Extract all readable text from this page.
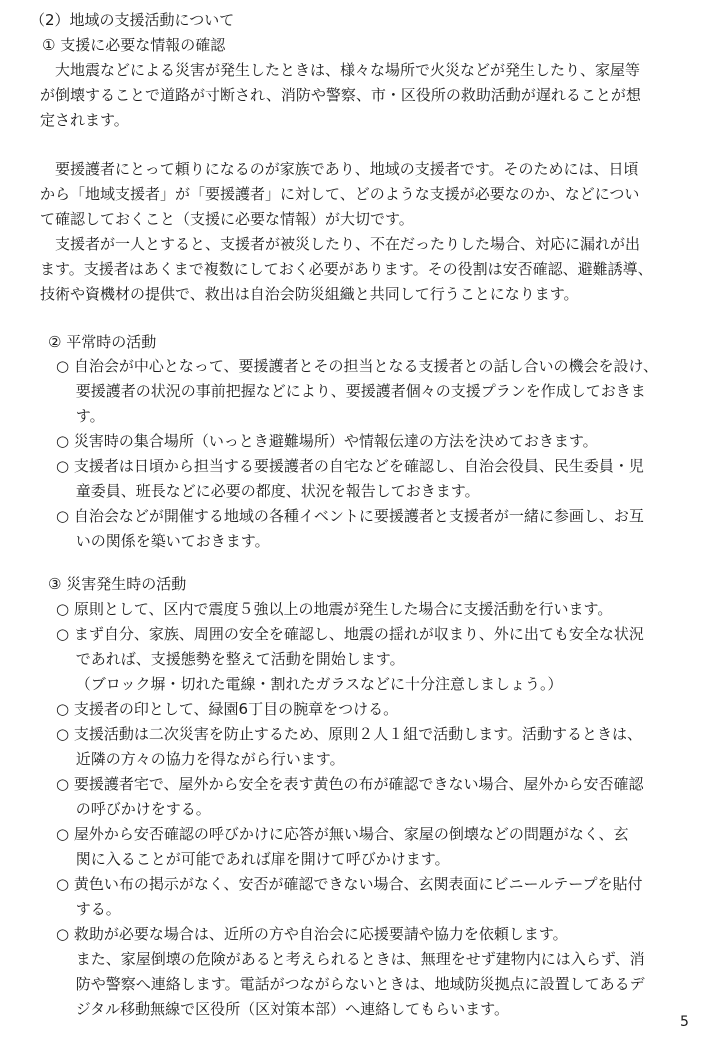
（2）地域の支援活動について
① 支援に必要な情報の確認
　大地震などによる災害が発生したときは、様々な場所で火災などが発生したり、家屋等
が倒壊することで道路が寸断され、消防や警察、市・区役所の救助活動が遅れることが想
定されます。
　要援護者にとって頼りになるのが家族であり、地域の支援者です。そのためには、日頃
から「地域支援者」が「要援護者」に対して、どのような支援が必要なのか、などについ
て確認しておくこと（支援に必要な情報）が大切です。
　支援者が一人とすると、支援者が被災したり、不在だったりした場合、対応に漏れが出
ます。支援者はあくまで複数にしておく必要があります。その役割は安否確認、避難誘導、
技術や資機材の提供で、救出は自治会防災組織と共同して行うことになります。
② 平常時の活動
○ 自治会が中心となって、要援護者とその担当となる支援者との話し合いの機会を設け、
　 要援護者の状況の事前把握などにより、要援護者個々の支援プランを作成しておきま
　 す。
○ 災害時の集合場所（いっとき避難場所）や情報伝達の方法を決めておきます。
○ 支援者は日頃から担当する要援護者の自宅などを確認し、自治会役員、民生委員・児
　 童委員、班長などに必要の都度、状況を報告しておきます。
○ 自治会などが開催する地域の各種イベントに要援護者と支援者が一緒に参画し、お互
　 いの関係を築いておきます。
③ 災害発生時の活動
○ 原則として、区内で震度５強以上の地震が発生した場合に支援活動を行います。
○ まず自分、家族、周囲の安全を確認し、地震の揺れが収まり、外に出ても安全な状況
　 であれば、支援態勢を整えて活動を開始します。
　 （ブロック塀・切れた電線・割れたガラスなどに十分注意しましょう。）
○ 支援者の印として、緑園6丁目の腕章をつける。
○ 支援活動は二次災害を防止するため、原則２人１組で活動します。活動するときは、
　 近隣の方々の協力を得ながら行います。
○ 要援護者宅で、屋外から安全を表す黄色の布が確認できない場合、屋外から安否確認
　 の呼びかけをする。
○ 屋外から安否確認の呼びかけに応答が無い場合、家屋の倒壊などの問題がなく、玄
　 関に入ることが可能であれば扉を開けて呼びかけます。
○ 黄色い布の掲示がなく、安否が確認できない場合、玄関表面にビニールテープを貼付
　 する。
○ 救助が必要な場合は、近所の方や自治会に応援要請や協力を依頼します。
　 また、家屋倒壊の危険があると考えられるときは、無理をせず建物内には入らず、消
　 防や警察へ連絡します。電話がつながらないときは、地域防災拠点に設置してあるデ
　 ジタル移動無線で区役所（区対策本部）へ連絡してもらいます。
5
